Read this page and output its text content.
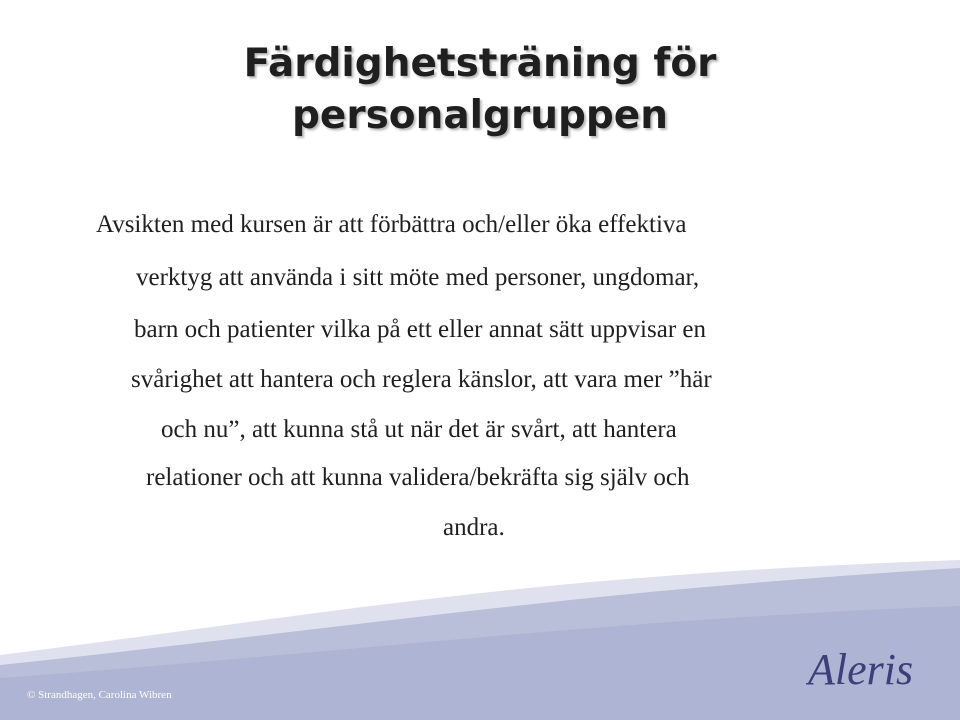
Färdighetsträning för
personalgruppen

Avsikten med kursen är att förbättra och/eller öka effektiva

verktyg att använda i sitt möte med personer, ungdomar,

barn och patienter vilka på ett eller annat sätt uppvisar en

svårighet att hantera och reglera känslor, att vara mer ”här

och nu”, att kunna stå ut när det är svårt, att hantera

relationer och att kunna validera/bekräfta sig själv och

andra.

© Strandhagen, Carolina Wibren
Aleris
